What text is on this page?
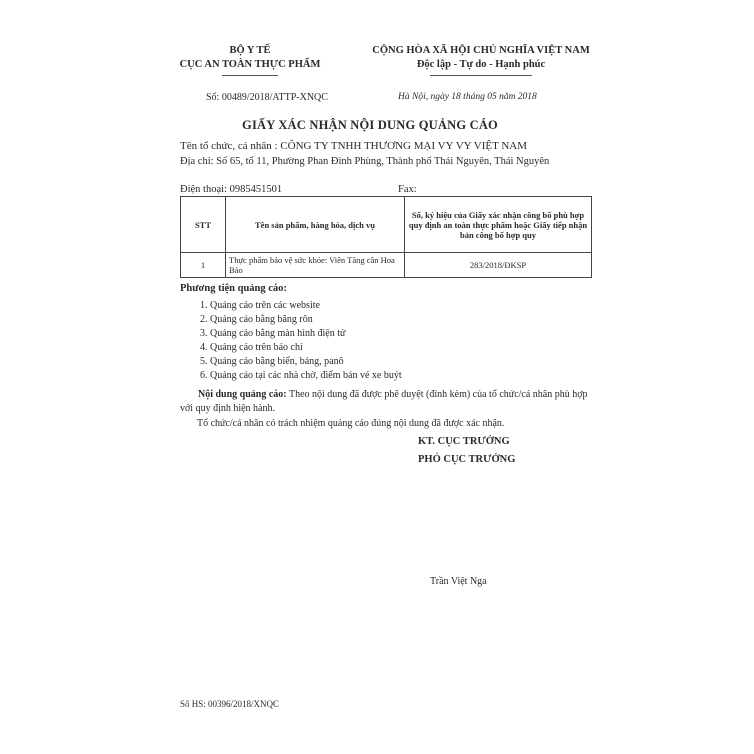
BỘ Y TẾ
CỤC AN TOÀN THỰC PHẨM
CỘNG HÒA XÃ HỘI CHỦ NGHĨA VIỆT NAM
Độc lập - Tự do - Hạnh phúc
Số: 00489/2018/ATTP-XNQC	Hà Nội, ngày 18 tháng 05 năm 2018
GIẤY XÁC NHẬN NỘI DUNG QUẢNG CÁO
Tên tổ chức, cá nhân : CÔNG TY TNHH THƯƠNG MẠI VY VY VIỆT NAM
Địa chỉ: Số 65, tổ 11, Phường Phan Đình Phùng, Thành phố Thái Nguyên, Thái Nguyên
Điện thoại: 0985451501	Fax:
STT	Tên sản phẩm, hàng hóa, dịch vụ	Số, ký hiệu của Giấy xác nhận công bố phù hợp quy định an toàn thực phẩm hoặc Giấy tiếp nhận bản công bố hợp quy
1	Thực phẩm bảo vệ sức khỏe: Viên Tăng cân Hoa Bảo	283/2018/ĐKSP
Phương tiện quảng cáo:
1. Quảng cáo trên các website
2. Quảng cáo bằng băng rôn
3. Quảng cáo bằng màn hình điện tử
4. Quảng cáo trên báo chí
5. Quảng cáo bằng biển, bảng, panô
6. Quảng cáo tại các nhà chờ, điểm bán vé xe buýt
Nội dung quảng cáo: Theo nội dung đã được phê duyệt (đính kèm) của tổ chức/cá nhân phù hợp với quy định hiện hành.
Tổ chức/cá nhân có trách nhiệm quảng cáo đúng nội dung đã được xác nhận.
KT. CỤC TRƯỞNG
PHÓ CỤC TRƯỞNG
Trần Việt Nga
Số HS: 00396/2018/XNQC
